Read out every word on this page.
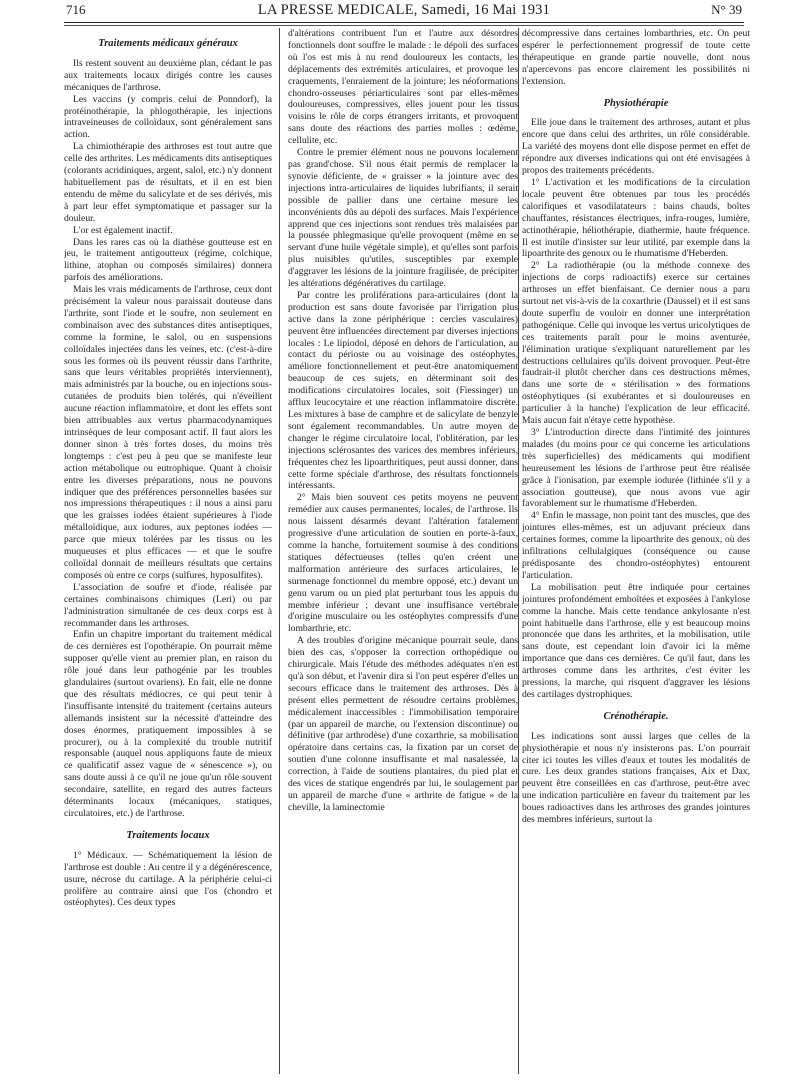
716	LA PRESSE MEDICALE, Samedi, 16 Mai 1931	N° 39
Traitements médicaux généraux

Ils restent souvent au deuxième plan, cédant le pas aux traitements locaux dirigés contre les causes mécaniques de l'arthrose.

Les vaccins (y compris celui de Ponndorf), la protéinothérapie, la phlogothérapie, les injections intraveineuses de colloïdaux, sont généralement sans action.

La chimiothérapie des arthroses est tout autre que celle des arthrites. Les médicaments dits antiseptiques (colorants acridiniques, argent, salol, etc.) n'y donnent habituellement pas de résultats, et il en est bien entendu de même du salicylate et de ses dérivés, mis à part leur effet symptomatique et passager sur la douleur.

L'or est également inactif.

Dans les rares cas où la diathèse goutteuse est en jeu, le traitement antigoutteux (régime, colchique, lithine, atophan ou composés similaires) donnera parfois des améliorations.

Mais les vrais médicaments de l'arthrose, ceux dont précisément la valeur nous paraissait douteuse dans l'arthrite, sont l'iode et le soufre, non seulement en combinaison avec des substances dites antiseptiques, comme la formine, le salol, ou en suspensions colloïdales injectées dans les veines, etc. (c'est-à-dire sous les formes où ils peuvent réussir dans l'arthrite, sans que leurs véritables propriétés interviennent), mais administrés par la bouche, ou en injections sous-cutanées de produits bien tolérés, qui n'éveillent aucune réaction inflammatoire, et dont les effets sont bien attribuables aux vertus pharmacodynamiques intrinsèques de leur composant actif. Il faut alors les donner sinon à très fortes doses, du moins très longtemps : c'est peu à peu que se manifeste leur action métabolique ou eutrophique. Quant à choisir entre les diverses préparations, nous ne pouvons indiquer que des préférences personnelles basées sur nos impressions thérapeutiques : il nous a ainsi paru que les graisses iodées étaient supérieures à l'iode métalloïdique, aux iodures, aux peptones iodées — parce que mieux tolérées par les tissus ou les muqueuses et plus efficaces — et que le soufre colloïdal donnait de meilleurs résultats que certains composés où entre ce corps (sulfures, hyposulfites).

L'association de soufre et d'iode, réalisée par certaines combinaisons chimiques (Leri) ou par l'administration simultanée de ces deux corps est à recommander dans les arthroses.

Enfin un chapitre important du traitement médical de ces dernières est l'opothérapie. On pourrait même supposer qu'elle vient au premier plan, en raison du rôle joué dans leur pathogénie par les troubles glandulaires (surtout ovariens). En fait, elle ne donne que des résultats médiocres, ce qui peut tenir à l'insuffisante intensité du traitement (certains auteurs allemands insistent sur la nécessité d'atteindre des doses énormes, pratiquement impossibles à se procurer), ou à la complexité du trouble nutritif responsable (auquel nous appliquons faute de mieux ce qualificatif assez vague de « sénescence »), ou sans doute aussi à ce qu'il ne joue qu'un rôle souvent secondaire, satellite, en regard des autres facteurs déterminants locaux (mécaniques, statiques, circulatoires, etc.) de l'arthrose.

Traitements locaux

1° Médicaux. — Schématiquement la lésion de l'arthrose est double : Au centre il y a dégénérescence, usure, nécrose du cartilage. A la périphérie celui-ci prolifère au contraire ainsi que l'os (chondro et ostéophytes). Ces deux types

d'altérations contribuent l'un et l'autre aux désordres fonctionnels dont souffre le malade : le dépoli des surfaces où l'os est mis à nu rend douloureux les contacts, les déplacements des extrémités articulaires, et provoque les craquements, l'enraiement de la jointure; les néoformations chondro-osseuses périarticulaires sont par elles-mêmes douloureuses, compressives, elles jouent pour les tissus voisins le rôle de corps étrangers irritants, et provoquent sans doute des réactions des parties molles : œdème, cellulite, etc.

Contre le premier élément nous ne pouvons localement pas grand'chose. S'il nous était permis de remplacer la synovie déficiente, de « graisser » la jointure avec des injections intra-articulaires de liquides lubrifiants, il serait possible de pallier dans une certaine mesure les inconvénients dûs au dépoli des surfaces. Mais l'expérience apprend que ces injections sont rendues très malaisées par la poussée phlegmasique qu'elle provoquent (même en se servant d'une huile végétale simple), et qu'elles sont parfois plus nuisibles qu'utiles, susceptibles par exemple d'aggraver les lésions de la jointure fragilisée, de précipiter les altérations dégénératives du cartilage.

Par contre les proliférations para-articulaires (dont la production est sans doute favorisée par l'irrigation plus active dans la zone périphérique : cercles vasculaires) peuvent être influencées directement par diverses injections locales : Le lipiodol, déposé en dehors de l'articulation, au contact du périoste ou au voisinage des ostéophytes, améliore fonctionnellement et peut-être anatomiquement beaucoup de ces sujets, en déterminant soit des modifications circulatoires locales, soit (Fiessinger) un afflux leucocytaire et une réaction inflammatoire discrète. Les mixtures à base de camphre et de salicylate de benzyle sont également recommandables. Un autre moyen de changer le régime circulatoire local, l'oblitération, par les injections sclérosantes des varices des membres inférieurs, fréquentes chez les lipoarthritiques, peut aussi donner, dans cette forme spéciale d'arthrose, des résultats fonctionnels intéressants.

2° Mais bien souvent ces petits moyens ne peuvent remédier aux causes permanentes, locales, de l'arthrose. Ils nous laissent désarmés devant l'altération fatalement progressive d'une articulation de soutien en porte-à-faux, comme la hanche, fortuitement soumise à des conditions statiques défectueuses (telles qu'en créent une malformation antérieure des surfaces articulaires, le surmenage fonctionnel du membre opposé, etc.) devant un genu varum ou un pied plat perturbant tous les appuis du membre inférieur ; devant une insuffisance vertébrale d'origine musculaire ou les ostéophytes compressifs d'une lombarthrie, etc.

A des troubles d'origine mécanique pourrait seule, dans bien des cas, s'opposer la correction orthopédique ou chirurgicale. Mais l'étude des méthodes adéquates n'en est qu'à son début, et l'avenir dira si l'on peut espérer d'elles un secours efficace dans le traitement des arthroses. Dès à présent elles permettent de résoudre certains problèmes, médicalement inaccessibles : l'immobilisation temporaire (par un appareil de marche, ou l'extension discontinue) ou définitive (par arthrodèse) d'une coxarthrie, sa mobilisation opératoire dans certains cas, la fixation par un corset de soutien d'une colonne insuffisante et mal nasalessée, la correction, à l'aide de soutiens plantaires, du pied plat et des vices de statique engendrés par lui, le soulagement par un appareil de marche d'une « arthrite de fatigue » de la cheville, la laminectomie

décompressive dans certaines lombarthries, etc. On peut espérer le perfectionnement progressif de toute cette thérapeutique en grande partie nouvelle, dont nous n'apercevons pas encore clairement les possibilités ni l'extension.

Physiothérapie

Elle joue dans le traitement des arthroses, autant et plus encore que dans celui des arthrites, un rôle considérable. La variété des moyens dont elle dispose permet en effet de répondre aux diverses indications qui ont été envisagées à propos des traitements précédents.

1° L'activation et les modifications de la circulation locale peuvent être obtenues par tous les procédés calorifiques et vasodilatateurs : bains chauds, boîtes chauffantes, résistances électriques, infra-rouges, lumière, actinothérapie, héliothérapie, diathermie, haute fréquence. Il est inutile d'insister sur leur utilité, par exemple dans la lipoarthrite des genoux ou le rhumatisme d'Heberden.

2° La radiothérapie (ou la méthode connexe des injections de corps radioactifs) exerce sur certaines arthroses un effet bienfaisant. Ce dernier nous a paru surtout net vis-à-vis de la coxarthrie (Daussel) et il est sans doute superflu de vouloir en donner une interprétation pathogénique. Celle qui invoque les vertus uricolytiques de ces traitements paraît pour le moins aventurée, l'élimination uratique s'expliquant naturellement par les destructions cellulaires qu'ils doivent provoquer. Peut-être faudrait-il plutôt chercher dans ces destructions mêmes, dans une sorte de « stérilisation » des formations ostéophytiques (si exubérantes et si douloureuses en particulier à la hanche) l'explication de leur efficacité. Mais aucun fait n'étaye cette hypothèse.

3° L'introduction directe dans l'intimité des jointures malades (du moins pour ce qui concerne les articulations très superficielles) des médicaments qui modifient heureusement les lésions de l'arthrose peut être réalisée grâce à l'ionisation, par exemple iodurée (lithinée s'il y a association goutteuse), que nous avons vue agir favorablement sur le rhumatisme d'Heberden.

4° Enfin le massage, non point tant des muscles, que des jointures elles-mêmes, est un adjuvant précieux dans certaines formes, comme la lipoarthrite des genoux, où des infiltrations cellulalgiques (conséquence ou cause prédisposante des chondro-ostéophytes) entourent l'articulation.

La mobilisation peut être indiquée pour certaines jointures profondément emboîtées et exposées à l'ankylose comme la hanche. Mais cette tendance ankylosante n'est point habituelle dans l'arthrose, elle y est beaucoup moins prononcée que dans les arthrites, et la mobilisation, utile sans doute, est cependant loin d'avoir ici la même importance que dans ces dernières. Ce qu'il faut, dans les arthroses comme dans les arthrites, c'est éviter les pressions, la marche, qui risquent d'aggraver les lésions des cartilages dystrophiques.

Crénothérapie.

Les indications sont aussi larges que celles de la physiothérapie et nous n'y insisterons pas. L'on pourrait citer ici toutes les villes d'eaux et toutes les modalités de cure. Les deux grandes stations françaises, Aix et Dax, peuvent être conseillées en cas d'arthrose, peut-être avec une indication particulière en faveur du traitement par les boues radioactives dans les arthroses des grandes jointures des membres inférieurs, surtout la
